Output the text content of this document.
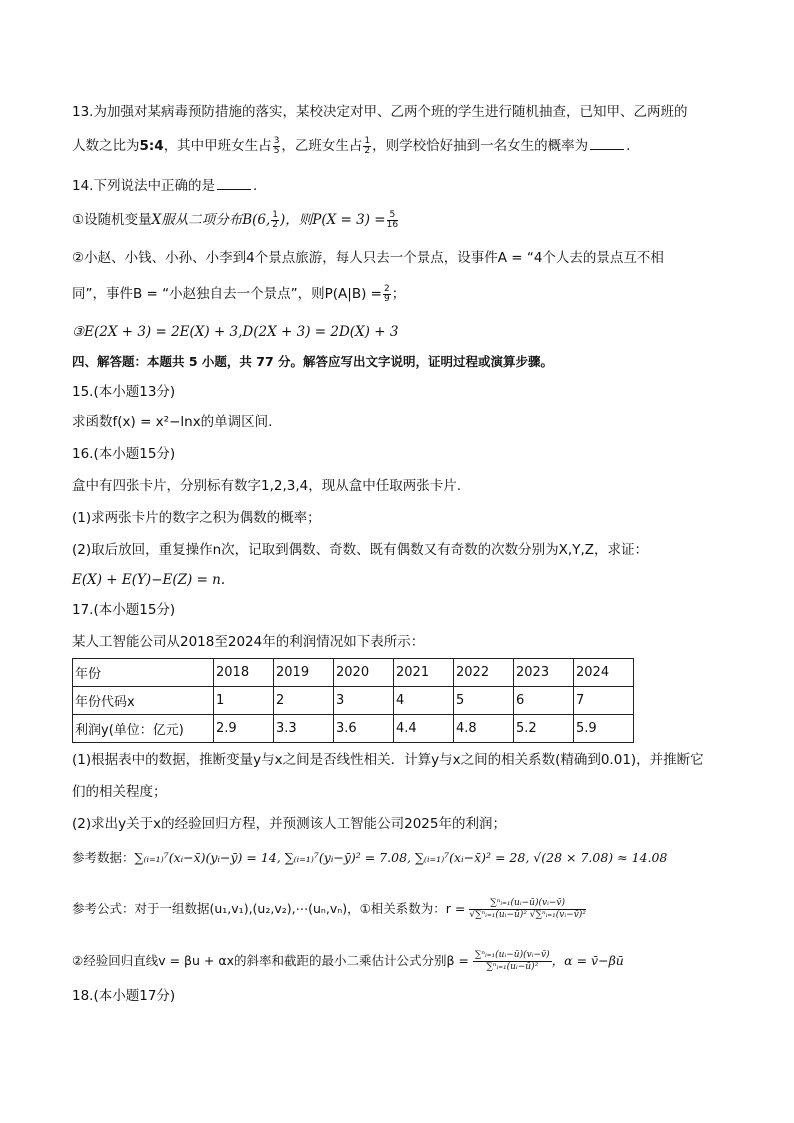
13.为加强对某病毒预防措施的落实，某校决定对甲、乙两个班的学生进行随机抽查，已知甲、乙两班的
人数之比为5:4，其中甲班女生占 $\frac{3}{5}$ ，乙班女生占 $\frac{1}{2}$ ，则学校恰好抽到一名女生的概率为	.
14.下列说法中正确的是	.
①设随机变量X服从二项分布B(6, $\frac{1}{2}$ )，则$P(X = 3) = \frac{5}{16}$
②小赵、小钱、小孙、小李到4个景点旅游，每人只去一个景点，设事件A = “4个人去的景点互不相
同”，事件B = “小赵独自去一个景点”，则$P(A|B) = \frac{2}{9}$ ；
③E(2X + 3) = 2E(X) + 3,D(2X + 3) = 2D(X) + 3
四、解答题：本题共 5 小题，共 77 分。解答应写出文字说明，证明过程或演算步骤。
15.(本小题13分)
求函数f(x) = x²−lnx的单调区间.
16.(本小题15分)
盒中有四张卡片，分别标有数字1,2,3,4，现从盒中任取两张卡片.
(1)求两张卡片的数字之积为偶数的概率；
(2)取后放回，重复操作n次，记取到偶数、奇数、既有偶数又有奇数的次数分别为X,Y,Z，求证：
E(X) + E(Y)−E(Z) = n.
17.(本小题15分)
某人工智能公司从2018至2024年的利润情况如下表所示：
年份	2018	2019	2020	2021	2022	2023	2024
年份代码x	1	2	3	4	5	6	7
利润y(单位：亿元)	2.9	3.3	3.6	4.4	4.8	5.2	5.9
(1)根据表中的数据，推断变量y与x之间是否线性相关．计算y与x之间的相关系数(精确到0.01)，并推断它
们的相关程度；
(2)求出y关于x的经验回归方程，并预测该人工智能公司2025年的利润；
参考数据：∑₍ᵢ₌₁₎⁷(xᵢ−x̄)(yᵢ−ȳ) = 14, ∑₍ᵢ₌₁₎⁷(yᵢ−ȳ)² = 7.08, ∑₍ᵢ₌₁₎⁷(xᵢ−x̄)² = 28, √(28 × 7.08) ≈ 14.08
参考公式：对于一组数据(u₁,v₁),(u₂,v₂),⋯(uₙ,vₙ)，①相关系数为：$r = \frac{\text{∑ⁿᵢ₌₁(uᵢ−ū)(vᵢ−v̄)}}{\text{√∑ⁿᵢ₌₁(uᵢ−ū)² √∑ⁿᵢ₌₁(vᵢ−v̄)²}}$
②经验回归直线v = βu + αx的斜率和截距的最小二乘估计公式分别$\beta = \frac{\text{∑ⁿᵢ₌₁(uᵢ−ū)(vᵢ−v̄)}}{\text{∑ⁿᵢ₌₁(uᵢ−ū)²}}$ ，α = v̄−βū
18.(本小题17分)
